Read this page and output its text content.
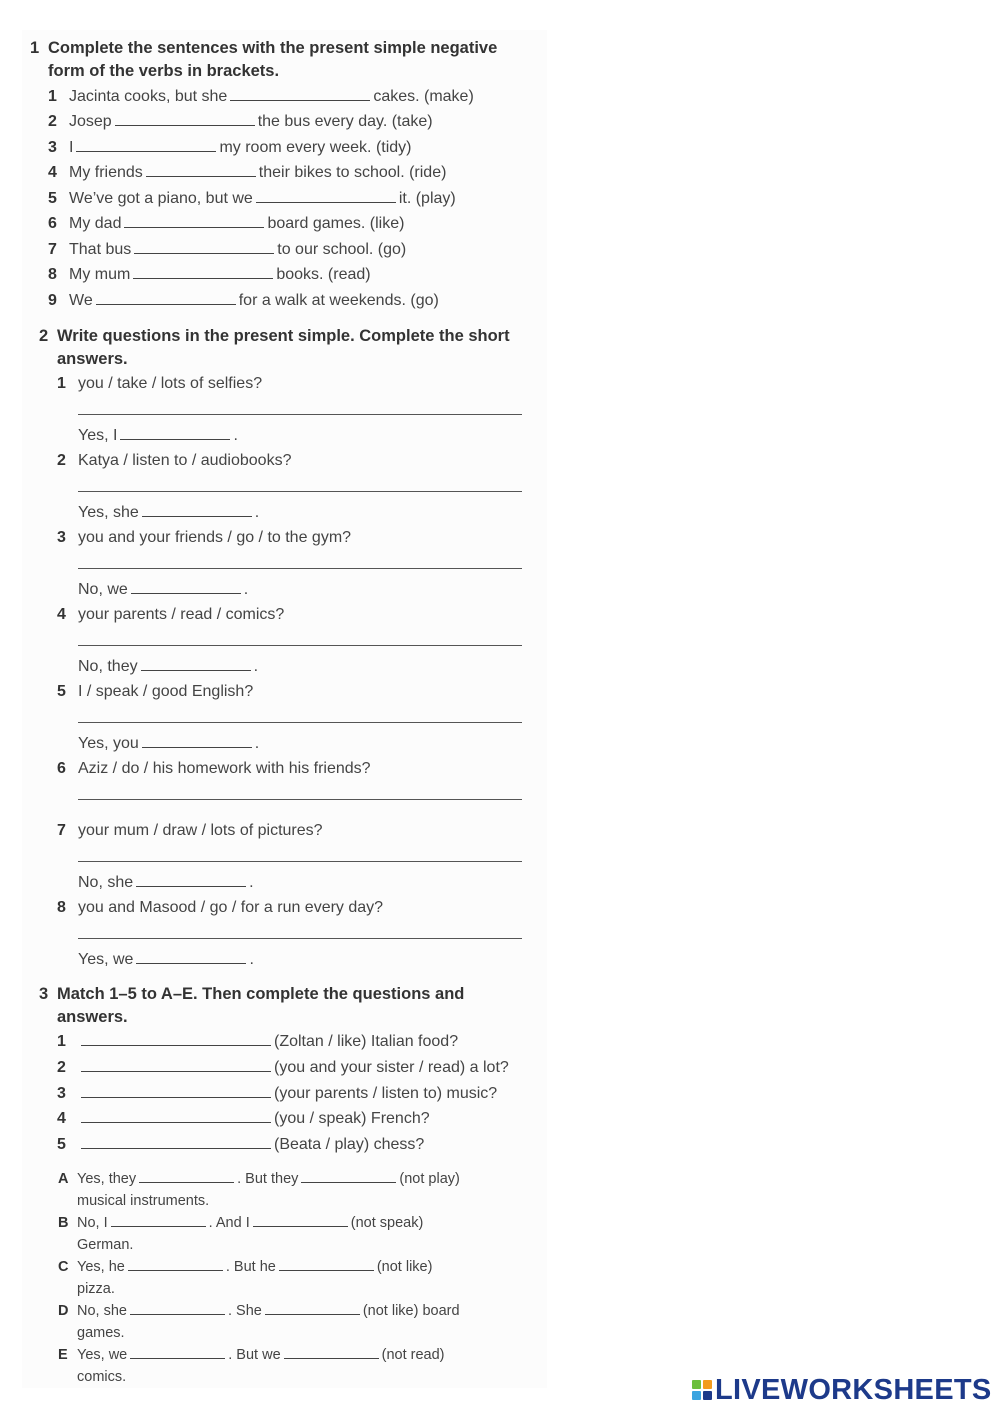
1 Complete the sentences with the present simple negative
form of the verbs in brackets.
1 Jacinta cooks, but she	cakes. (make)
2 Josep	the bus every day. (take)
3 I	my room every week. (tidy)
4 My friends	their bikes to school. (ride)
5 We’ve got a piano, but we	it. (play)
6 My dad	board games. (like)
7 That bus	to our school. (go)
8 My mum	books. (read)
9 We	for a walk at weekends. (go)
2 Write questions in the present simple. Complete the short
answers.
1 you / take / lots of selfies?
Yes, I	.
2 Katya / listen to / audiobooks?
Yes, she	.
3 you and your friends / go / to the gym?
No, we	.
4 your parents / read / comics?
No, they	.
5 I / speak / good English?
Yes, you	.
6 Aziz / do / his homework with his friends?
7 your mum / draw / lots of pictures?
No, she	.
8 you and Masood / go / for a run every day?
Yes, we	.
3 Match 1–5 to A–E. Then complete the questions and
answers.
1	(Zoltan / like) Italian food?
2	(you and your sister / read) a lot?
3	(your parents / listen to) music?
4	(you / speak) French?
5	(Beata / play) chess?
A Yes, they	. But they	(not play)
musical instruments.
B No, I	. And I	(not speak)
German.
C Yes, he	. But he	(not like)
pizza.
D No, she	. She	(not like) board
games.
E Yes, we	. But we	(not read)
comics.	LIVEWORKSHEETS
